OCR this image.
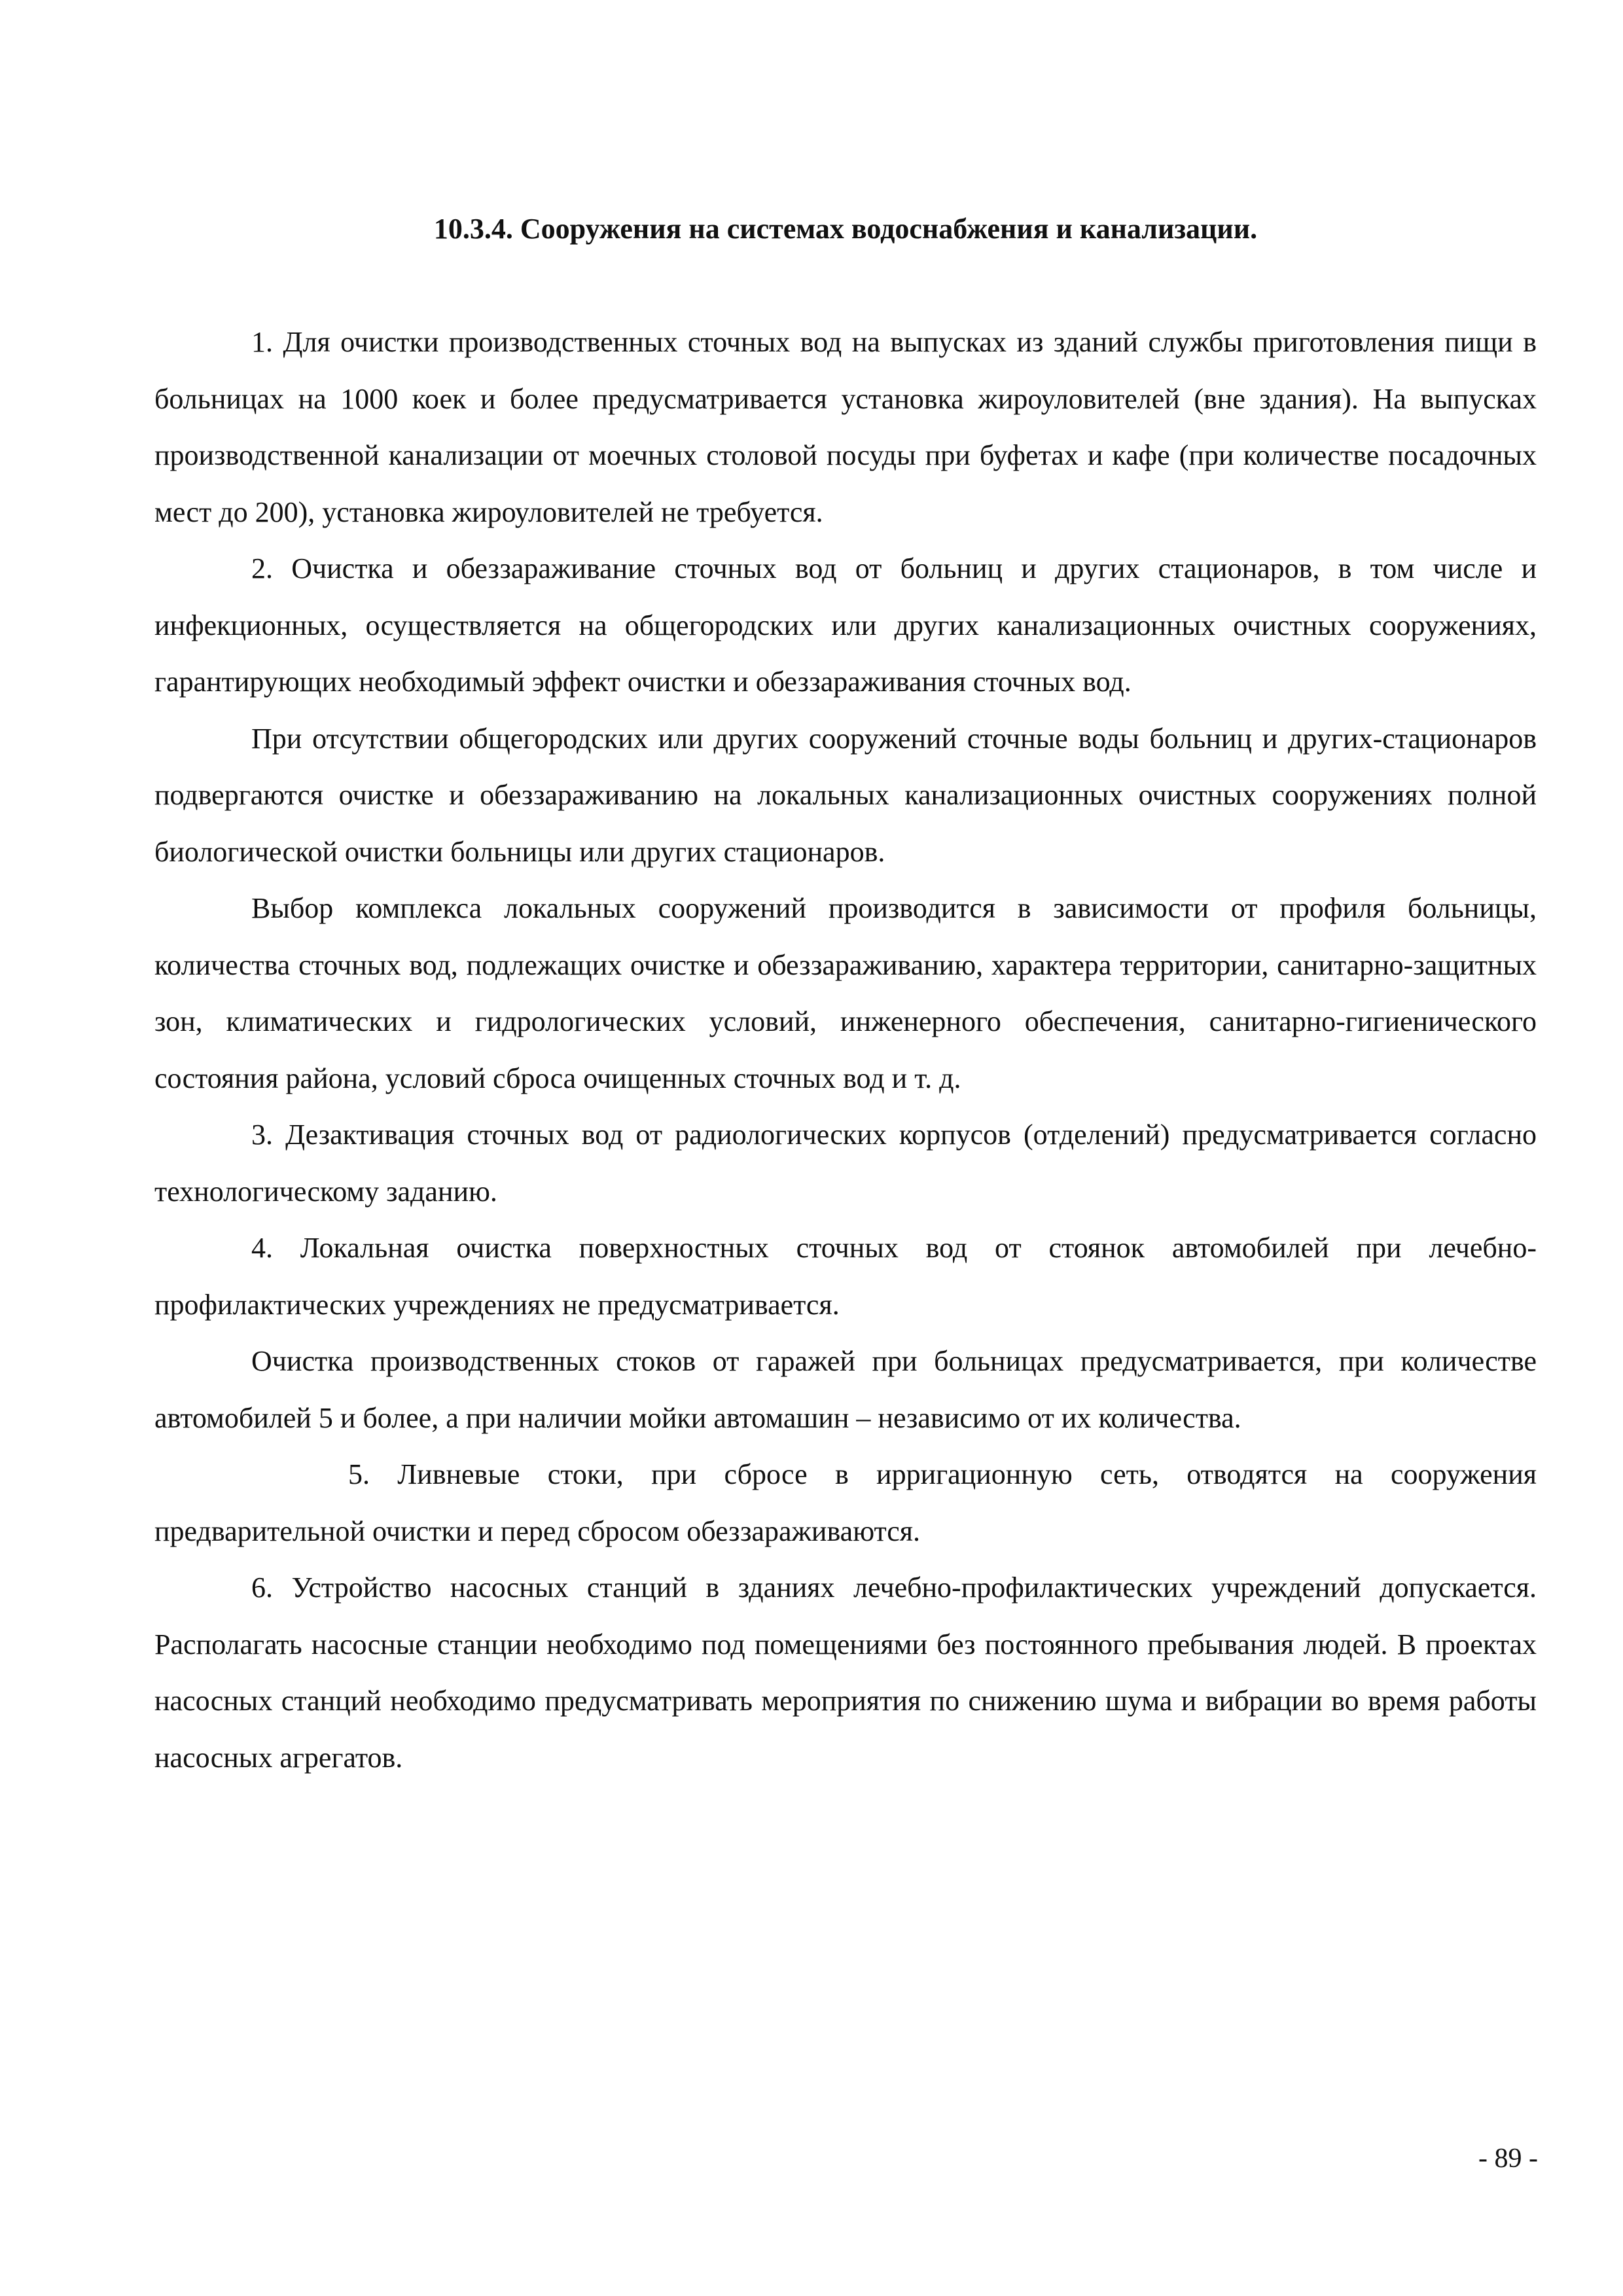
10.3.4. Сооружения на системах водоснабжения и канализации.

1. Для очистки производственных сточных вод на выпусках из зданий службы приготовления пищи в больницах на 1000 коек и более предусматривается установка жироуловителей (вне здания). На выпусках производственной канализации от моечных столовой посуды при буфетах и кафе (при количестве посадочных мест до 200), установка жироуловителей не требуется.

2. Очистка и обеззараживание сточных вод от больниц и других стационаров, в том числе и инфекционных, осуществляется на общегородских или других канализационных очистных сооружениях, гарантирующих необходимый эффект очистки и обеззараживания сточных вод.

При отсутствии общегородских или других сооружений сточные воды больниц и других-стационаров подвергаются очистке и обеззараживанию на локальных канализационных очистных сооружениях полной биологической очистки больницы или других стационаров.

Выбор комплекса локальных сооружений производится в зависимости от профиля больницы, количества сточных вод, подлежащих очистке и обеззараживанию, характера территории, санитарно-защитных зон, климатических и гидрологических условий, инженерного обеспечения, санитарно-гигиенического состояния района, условий сброса очищенных сточных вод и т. д.

3. Дезактивация сточных вод от радиологических корпусов (отделений) предусматривается согласно технологическому заданию.

4. Локальная очистка поверхностных сточных вод от стоянок автомобилей при лечебно-профилактических учреждениях не предусматривается.

Очистка производственных стоков от гаражей при больницах предусматривается, при количестве автомобилей 5 и более, а при наличии мойки автомашин – независимо от их количества.

5. Ливневые стоки, при сбросе в ирригационную сеть, отводятся на сооружения предварительной очистки и перед сбросом обеззараживаются.

6. Устройство насосных станций в зданиях лечебно-профилактических учреждений допускается. Располагать насосные станции необходимо под помещениями без постоянного пребывания людей. В проектах насосных станций необходимо предусматривать мероприятия по снижению шума и вибрации во время работы насосных агрегатов.

- 89 -
